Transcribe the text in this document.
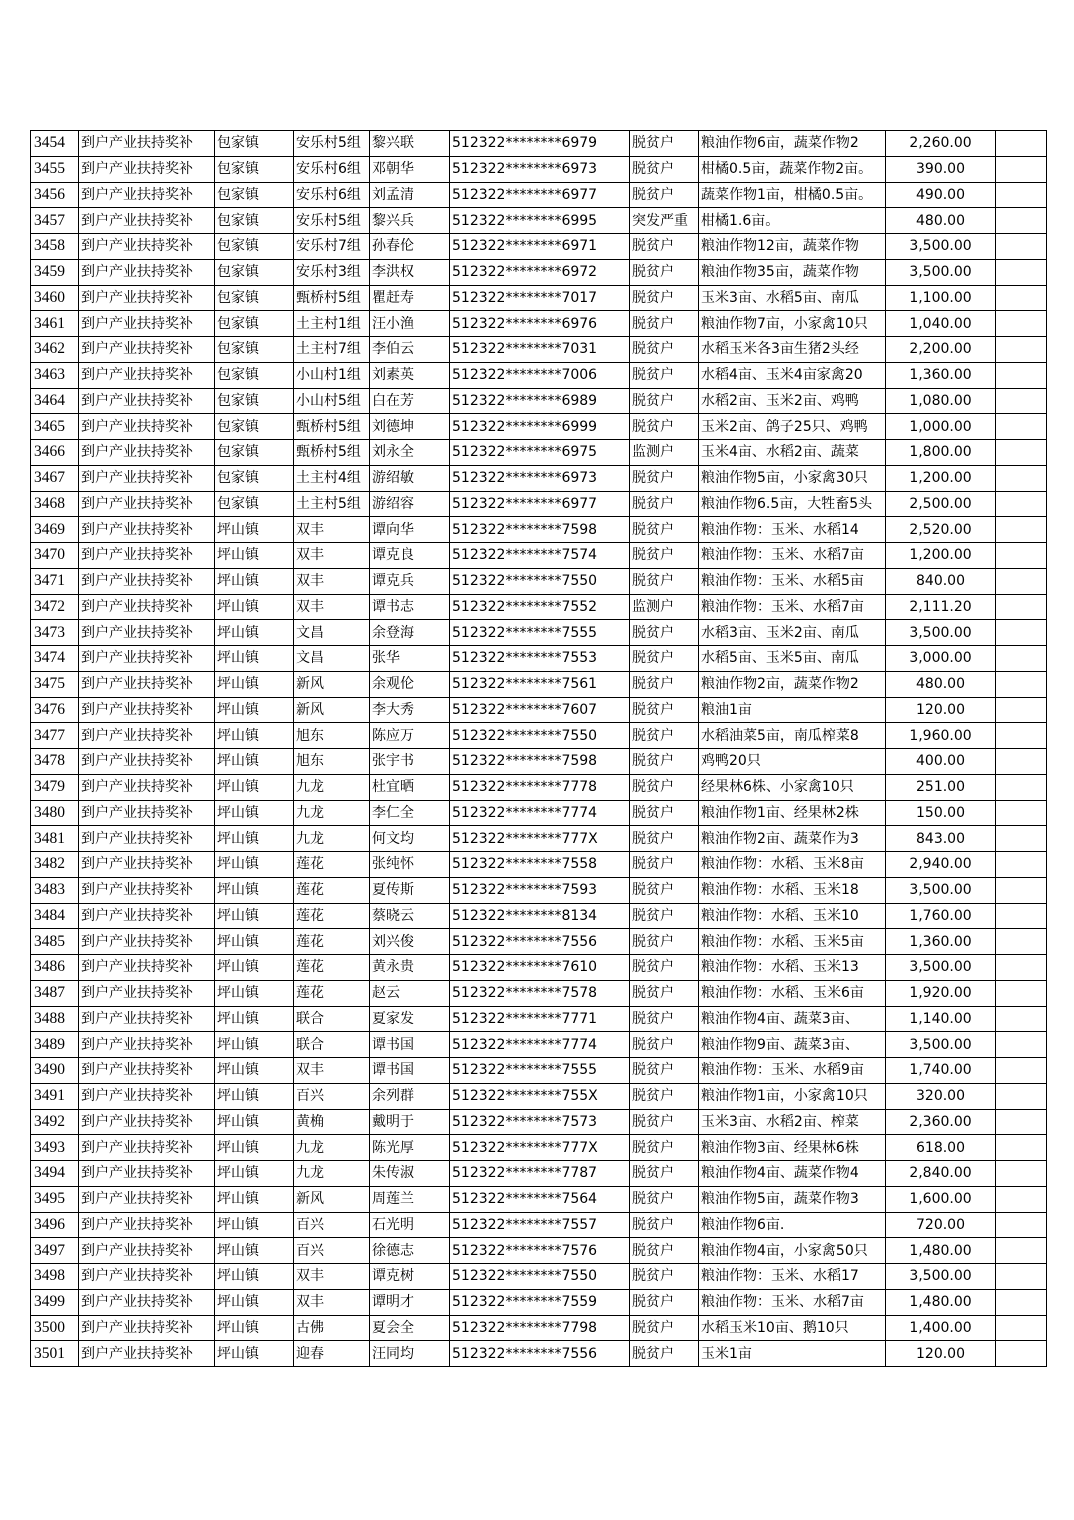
3454	到户产业扶持奖补	包家镇	安乐村5组	黎兴联	512322********6979	脱贫户	粮油作物6亩，蔬菜作物2	2,260.00	
3455	到户产业扶持奖补	包家镇	安乐村6组	邓朝华	512322********6973	脱贫户	柑橘0.5亩，蔬菜作物2亩。	390.00	
3456	到户产业扶持奖补	包家镇	安乐村6组	刘孟清	512322********6977	脱贫户	蔬菜作物1亩，柑橘0.5亩。	490.00	
3457	到户产业扶持奖补	包家镇	安乐村5组	黎兴兵	512322********6995	突发严重	柑橘1.6亩。	480.00	
3458	到户产业扶持奖补	包家镇	安乐村7组	孙春伦	512322********6971	脱贫户	粮油作物12亩，蔬菜作物	3,500.00	
3459	到户产业扶持奖补	包家镇	安乐村3组	李洪权	512322********6972	脱贫户	粮油作物35亩，蔬菜作物	3,500.00	
3460	到户产业扶持奖补	包家镇	甄桥村5组	瞿赶寿	512322********7017	脱贫户	玉米3亩、水稻5亩、南瓜	1,100.00	
3461	到户产业扶持奖补	包家镇	土主村1组	汪小渔	512322********6976	脱贫户	粮油作物7亩，小家禽10只	1,040.00	
3462	到户产业扶持奖补	包家镇	土主村7组	李伯云	512322********7031	脱贫户	水稻玉米各3亩生猪2头经	2,200.00	
3463	到户产业扶持奖补	包家镇	小山村1组	刘素英	512322********7006	脱贫户	水稻4亩、玉米4亩家禽20	1,360.00	
3464	到户产业扶持奖补	包家镇	小山村5组	白在芳	512322********6989	脱贫户	水稻2亩、玉米2亩、鸡鸭	1,080.00	
3465	到户产业扶持奖补	包家镇	甄桥村5组	刘德坤	512322********6999	脱贫户	玉米2亩、鸽子25只、鸡鸭	1,000.00	
3466	到户产业扶持奖补	包家镇	甄桥村5组	刘永全	512322********6975	监测户	玉米4亩、水稻2亩、蔬菜	1,800.00	
3467	到户产业扶持奖补	包家镇	土主村4组	游绍敏	512322********6973	脱贫户	粮油作物5亩，小家禽30只	1,200.00	
3468	到户产业扶持奖补	包家镇	土主村5组	游绍容	512322********6977	脱贫户	粮油作物6.5亩，大牲畜5头	2,500.00	
3469	到户产业扶持奖补	坪山镇	双丰	谭向华	512322********7598	脱贫户	粮油作物：玉米、水稻14	2,520.00	
3470	到户产业扶持奖补	坪山镇	双丰	谭克良	512322********7574	脱贫户	粮油作物：玉米、水稻7亩	1,200.00	
3471	到户产业扶持奖补	坪山镇	双丰	谭克兵	512322********7550	脱贫户	粮油作物：玉米、水稻5亩	840.00	
3472	到户产业扶持奖补	坪山镇	双丰	谭书志	512322********7552	监测户	粮油作物：玉米、水稻7亩	2,111.20	
3473	到户产业扶持奖补	坪山镇	文昌	余登海	512322********7555	脱贫户	水稻3亩、玉米2亩、南瓜	3,500.00	
3474	到户产业扶持奖补	坪山镇	文昌	张华	512322********7553	脱贫户	水稻5亩、玉米5亩、南瓜	3,000.00	
3475	到户产业扶持奖补	坪山镇	新风	余观伦	512322********7561	脱贫户	粮油作物2亩，蔬菜作物2	480.00	
3476	到户产业扶持奖补	坪山镇	新风	李大秀	512322********7607	脱贫户	粮油1亩	120.00	
3477	到户产业扶持奖补	坪山镇	旭东	陈应万	512322********7550	脱贫户	水稻油菜5亩，南瓜榨菜8	1,960.00	
3478	到户产业扶持奖补	坪山镇	旭东	张宇书	512322********7598	脱贫户	鸡鸭20只	400.00	
3479	到户产业扶持奖补	坪山镇	九龙	杜宜晒	512322********7778	脱贫户	经果林6株、小家禽10只	251.00	
3480	到户产业扶持奖补	坪山镇	九龙	李仁全	512322********7774	脱贫户	粮油作物1亩、经果林2株	150.00	
3481	到户产业扶持奖补	坪山镇	九龙	何文均	512322********777X	脱贫户	粮油作物2亩、蔬菜作为3	843.00	
3482	到户产业扶持奖补	坪山镇	莲花	张纯怀	512322********7558	脱贫户	粮油作物：水稻、玉米8亩	2,940.00	
3483	到户产业扶持奖补	坪山镇	莲花	夏传斯	512322********7593	脱贫户	粮油作物：水稻、玉米18	3,500.00	
3484	到户产业扶持奖补	坪山镇	莲花	蔡晓云	512322********8134	脱贫户	粮油作物：水稻、玉米10	1,760.00	
3485	到户产业扶持奖补	坪山镇	莲花	刘兴俊	512322********7556	脱贫户	粮油作物：水稻、玉米5亩	1,360.00	
3486	到户产业扶持奖补	坪山镇	莲花	黄永贵	512322********7610	脱贫户	粮油作物：水稻、玉米13	3,500.00	
3487	到户产业扶持奖补	坪山镇	莲花	赵云	512322********7578	脱贫户	粮油作物：水稻、玉米6亩	1,920.00	
3488	到户产业扶持奖补	坪山镇	联合	夏家发	512322********7771	脱贫户	粮油作物4亩、蔬菜3亩、	1,140.00	
3489	到户产业扶持奖补	坪山镇	联合	谭书国	512322********7774	脱贫户	粮油作物9亩、蔬菜3亩、	3,500.00	
3490	到户产业扶持奖补	坪山镇	双丰	谭书国	512322********7555	脱贫户	粮油作物：玉米、水稻9亩	1,740.00	
3491	到户产业扶持奖补	坪山镇	百兴	余列群	512322********755X	脱贫户	粮油作物1亩，小家禽10只	320.00	
3492	到户产业扶持奖补	坪山镇	黄桷	戴明于	512322********7573	脱贫户	玉米3亩、水稻2亩、榨菜	2,360.00	
3493	到户产业扶持奖补	坪山镇	九龙	陈光厚	512322********777X	脱贫户	粮油作物3亩、经果林6株	618.00	
3494	到户产业扶持奖补	坪山镇	九龙	朱传淑	512322********7787	脱贫户	粮油作物4亩、蔬菜作物4	2,840.00	
3495	到户产业扶持奖补	坪山镇	新风	周莲兰	512322********7564	脱贫户	粮油作物5亩，蔬菜作物3	1,600.00	
3496	到户产业扶持奖补	坪山镇	百兴	石光明	512322********7557	脱贫户	粮油作物6亩.	720.00	
3497	到户产业扶持奖补	坪山镇	百兴	徐德志	512322********7576	脱贫户	粮油作物4亩，小家禽50只	1,480.00	
3498	到户产业扶持奖补	坪山镇	双丰	谭克树	512322********7550	脱贫户	粮油作物：玉米、水稻17	3,500.00	
3499	到户产业扶持奖补	坪山镇	双丰	谭明才	512322********7559	脱贫户	粮油作物：玉米、水稻7亩	1,480.00	
3500	到户产业扶持奖补	坪山镇	古佛	夏会全	512322********7798	脱贫户	水稻玉米10亩、鹅10只	1,400.00	
3501	到户产业扶持奖补	坪山镇	迎春	汪同均	512322********7556	脱贫户	玉米1亩	120.00	
